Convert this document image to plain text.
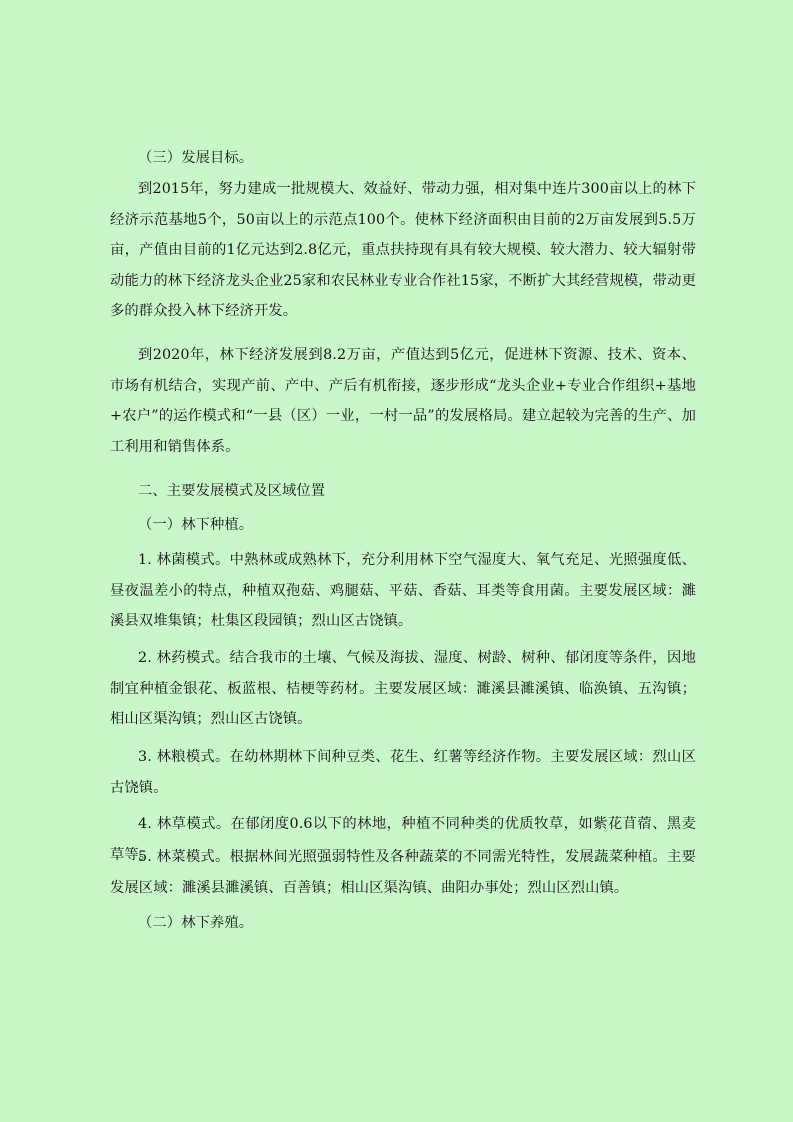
（三）发展目标。

到2015年，努力建成一批规模大、效益好、带动力强，相对集中连片300亩以上的林下经济示范基地5个，50亩以上的示范点100个。使林下经济面积由目前的2万亩发展到5.5万亩，产值由目前的1亿元达到2.8亿元，重点扶持现有具有较大规模、较大潜力、较大辐射带动能力的林下经济龙头企业25家和农民林业专业合作社15家，不断扩大其经营规模，带动更多的群众投入林下经济开发。

到2020年，林下经济发展到8.2万亩，产值达到5亿元，促进林下资源、技术、资本、市场有机结合，实现产前、产中、产后有机衔接，逐步形成“龙头企业+专业合作组织+基地+农户”的运作模式和“一县（区）一业，一村一品”的发展格局。建立起较为完善的生产、加工利用和销售体系。

二、主要发展模式及区域位置

（一）林下种植。

1. 林菌模式。中熟林或成熟林下，充分利用林下空气湿度大、氧气充足、光照强度低、昼夜温差小的特点，种植双孢菇、鸡腿菇、平菇、香菇、耳类等食用菌。主要发展区域：濉溪县双堆集镇；杜集区段园镇；烈山区古饶镇。

2. 林药模式。结合我市的土壤、气候及海拔、湿度、树龄、树种、郁闭度等条件，因地制宜种植金银花、板蓝根、桔梗等药材。主要发展区域：濉溪县濉溪镇、临涣镇、五沟镇；相山区渠沟镇；烈山区古饶镇。

3. 林粮模式。在幼林期林下间种豆类、花生、红薯等经济作物。主要发展区域：烈山区古饶镇。

4. 林草模式。在郁闭度0.6以下的林地，种植不同种类的优质牧草，如紫花苜蓿、黑麦草等。

5. 林菜模式。根据林间光照强弱特性及各种蔬菜的不同需光特性，发展蔬菜种植。主要发展区域：濉溪县濉溪镇、百善镇；相山区渠沟镇、曲阳办事处；烈山区烈山镇。

（二）林下养殖。
